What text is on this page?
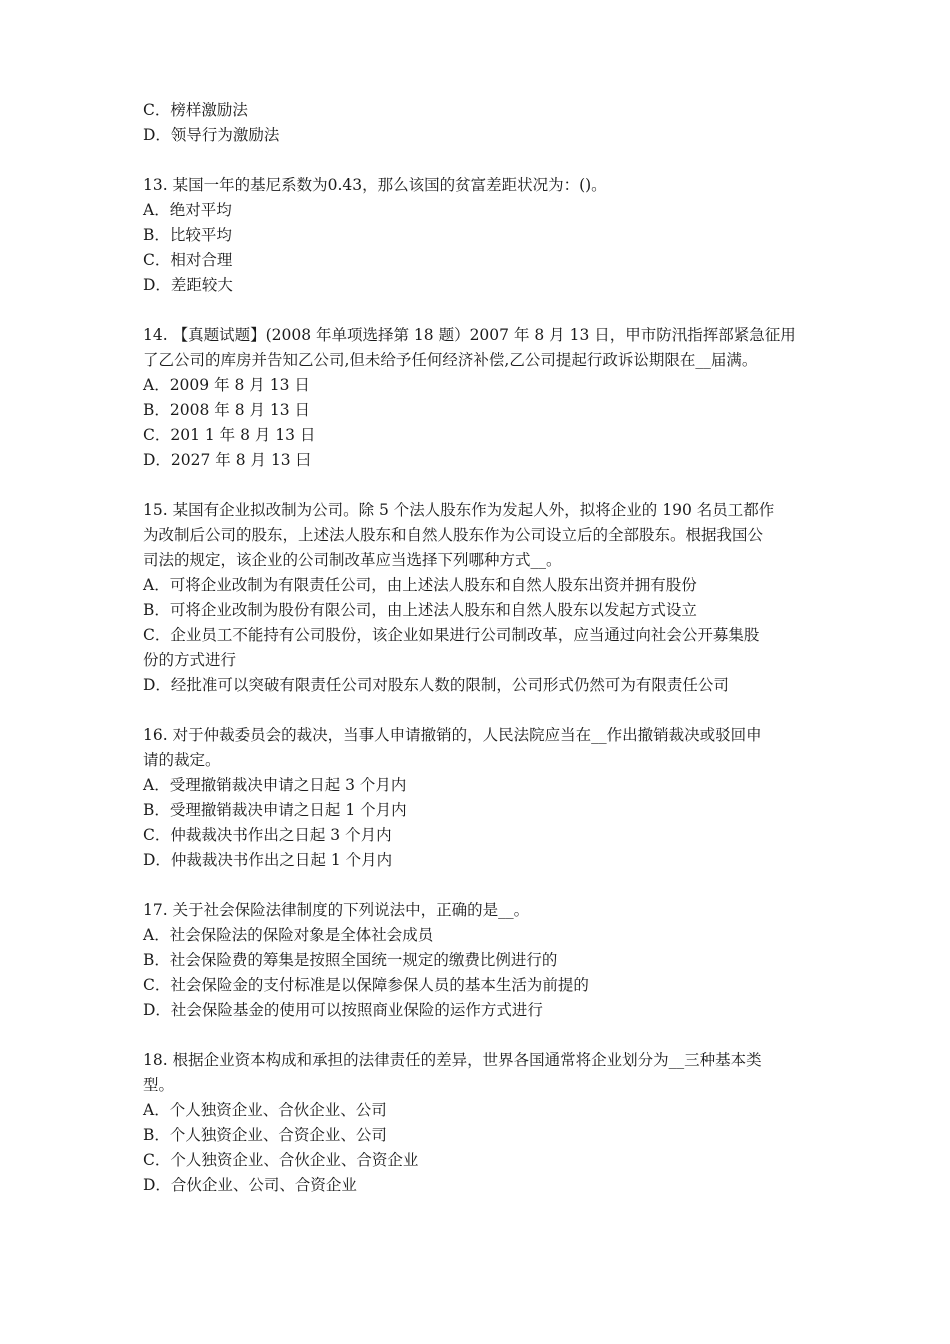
C．榜样激励法
D．领导行为激励法
13. 某国一年的基尼系数为0.43，那么该国的贫富差距状况为：()。
A．绝对平均
B．比较平均
C．相对合理
D．差距较大
14. 【真题试题】(2008 年单项选择第 18 题）2007 年 8 月 13 日，甲市防汛指挥部紧急征用
了乙公司的库房并告知乙公司,但未给予任何经济补偿,乙公司提起行政诉讼期限在__届满。
A．2009 年 8 月 13 日
B．2008 年 8 月 13 日
C．201 1 年 8 月 13 日
D．2027 年 8 月 13 曰
15. 某国有企业拟改制为公司。除 5 个法人股东作为发起人外，拟将企业的 190 名员工都作
为改制后公司的股东，上述法人股东和自然人股东作为公司设立后的全部股东。根据我国公
司法的规定，该企业的公司制改革应当选择下列哪种方式__。
A．可将企业改制为有限责任公司，由上述法人股东和自然人股东出资并拥有股份
B．可将企业改制为股份有限公司，由上述法人股东和自然人股东以发起方式设立
C．企业员工不能持有公司股份，该企业如果进行公司制改革，应当通过向社会公开募集股
份的方式进行
D．经批准可以突破有限责任公司对股东人数的限制，公司形式仍然可为有限责任公司
16. 对于仲裁委员会的裁决，当事人申请撤销的，人民法院应当在__作出撤销裁决或驳回申
请的裁定。
A．受理撤销裁决申请之日起 3 个月内
B．受理撤销裁决申请之日起 1 个月内
C．仲裁裁决书作出之日起 3 个月内
D．仲裁裁决书作出之日起 1 个月内
17. 关于社会保险法律制度的下列说法中，正确的是__。
A．社会保险法的保险对象是全体社会成员
B．社会保险费的筹集是按照全国统一规定的缴费比例进行的
C．社会保险金的支付标准是以保障参保人员的基本生活为前提的
D．社会保险基金的使用可以按照商业保险的运作方式进行
18. 根据企业资本构成和承担的法律责任的差异，世界各国通常将企业划分为__三种基本类
型。
A．个人独资企业、合伙企业、公司
B．个人独资企业、合资企业、公司
C．个人独资企业、合伙企业、合资企业
D．合伙企业、公司、合资企业
